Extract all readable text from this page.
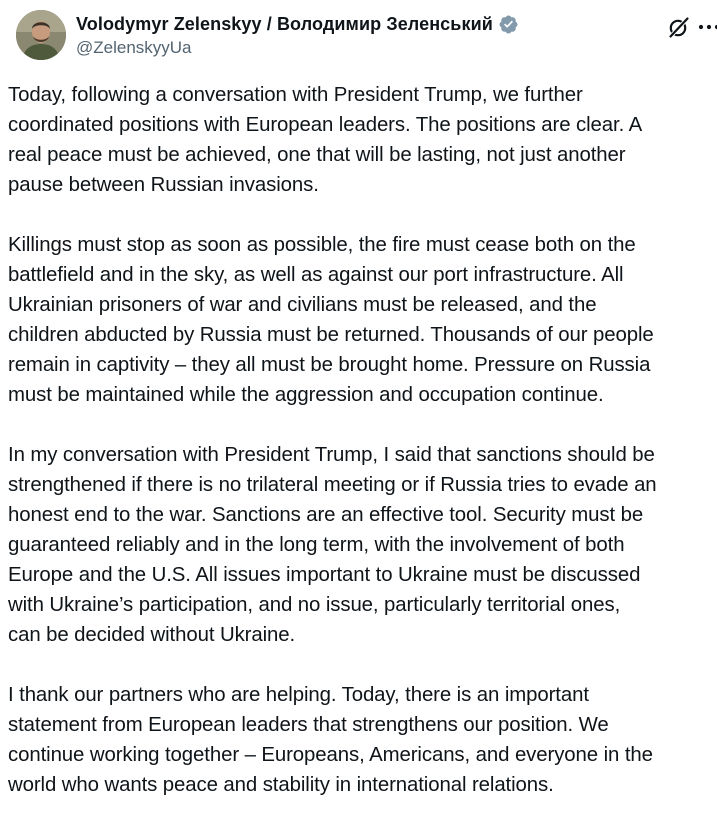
Volodymyr Zelenskyy / Володимир Зеленський
@ZelenskyyUa

Today, following a conversation with President Trump, we further
coordinated positions with European leaders. The positions are clear. A
real peace must be achieved, one that will be lasting, not just another
pause between Russian invasions.

Killings must stop as soon as possible, the fire must cease both on the
battlefield and in the sky, as well as against our port infrastructure. All
Ukrainian prisoners of war and civilians must be released, and the
children abducted by Russia must be returned. Thousands of our people
remain in captivity – they all must be brought home. Pressure on Russia
must be maintained while the aggression and occupation continue.

In my conversation with President Trump, I said that sanctions should be
strengthened if there is no trilateral meeting or if Russia tries to evade an
honest end to the war. Sanctions are an effective tool. Security must be
guaranteed reliably and in the long term, with the involvement of both
Europe and the U.S. All issues important to Ukraine must be discussed
with Ukraine’s participation, and no issue, particularly territorial ones,
can be decided without Ukraine.

I thank our partners who are helping. Today, there is an important
statement from European leaders that strengthens our position. We
continue working together – Europeans, Americans, and everyone in the
world who wants peace and stability in international relations.
